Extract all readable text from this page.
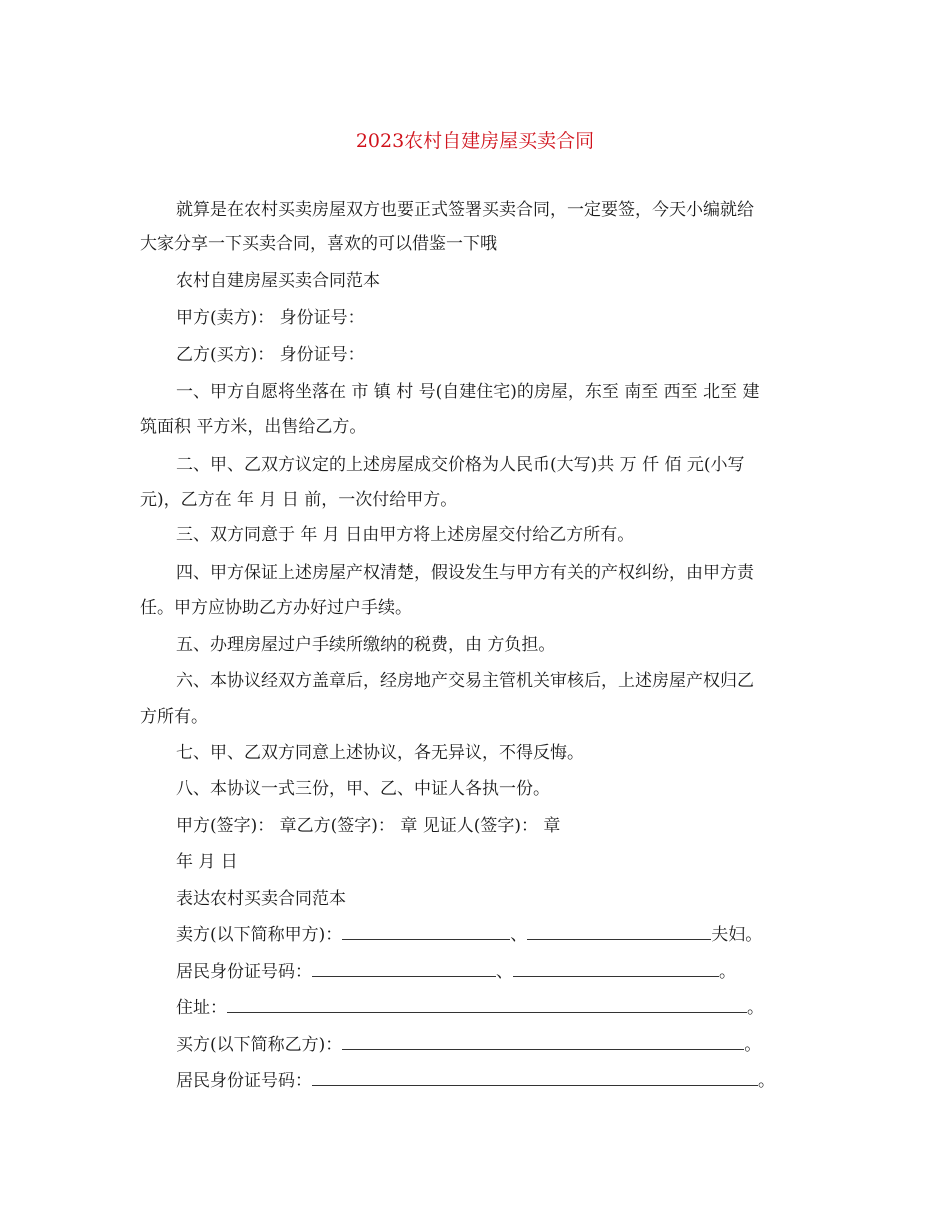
2023农村自建房屋买卖合同
就算是在农村买卖房屋双方也要正式签署买卖合同，一定要签，今天小编就给
大家分享一下买卖合同，喜欢的可以借鉴一下哦
农村自建房屋买卖合同范本
甲方(卖方)： 身份证号：
乙方(买方)： 身份证号：
一、甲方自愿将坐落在 市 镇 村 号(自建住宅)的房屋，东至 南至 西至 北至 建
筑面积 平方米，出售给乙方。
二、甲、乙双方议定的上述房屋成交价格为人民币(大写)共 万 仟 佰 元(小写
元)，乙方在 年 月 日 前，一次付给甲方。
三、双方同意于 年 月 日由甲方将上述房屋交付给乙方所有。
四、甲方保证上述房屋产权清楚，假设发生与甲方有关的产权纠纷，由甲方责
任。甲方应协助乙方办好过户手续。
五、办理房屋过户手续所缴纳的税费，由 方负担。
六、本协议经双方盖章后，经房地产交易主管机关审核后，上述房屋产权归乙
方所有。
七、甲、乙双方同意上述协议，各无异议，不得反悔。
八、本协议一式三份，甲、乙、中证人各执一份。
甲方(签字)： 章乙方(签字)： 章 见证人(签字)： 章
年 月 日
表达农村买卖合同范本
卖方(以下简称甲方)：	、	夫妇。
居民身份证号码：	、	。
住址：	。
买方(以下简称乙方)：	。
居民身份证号码：	。
